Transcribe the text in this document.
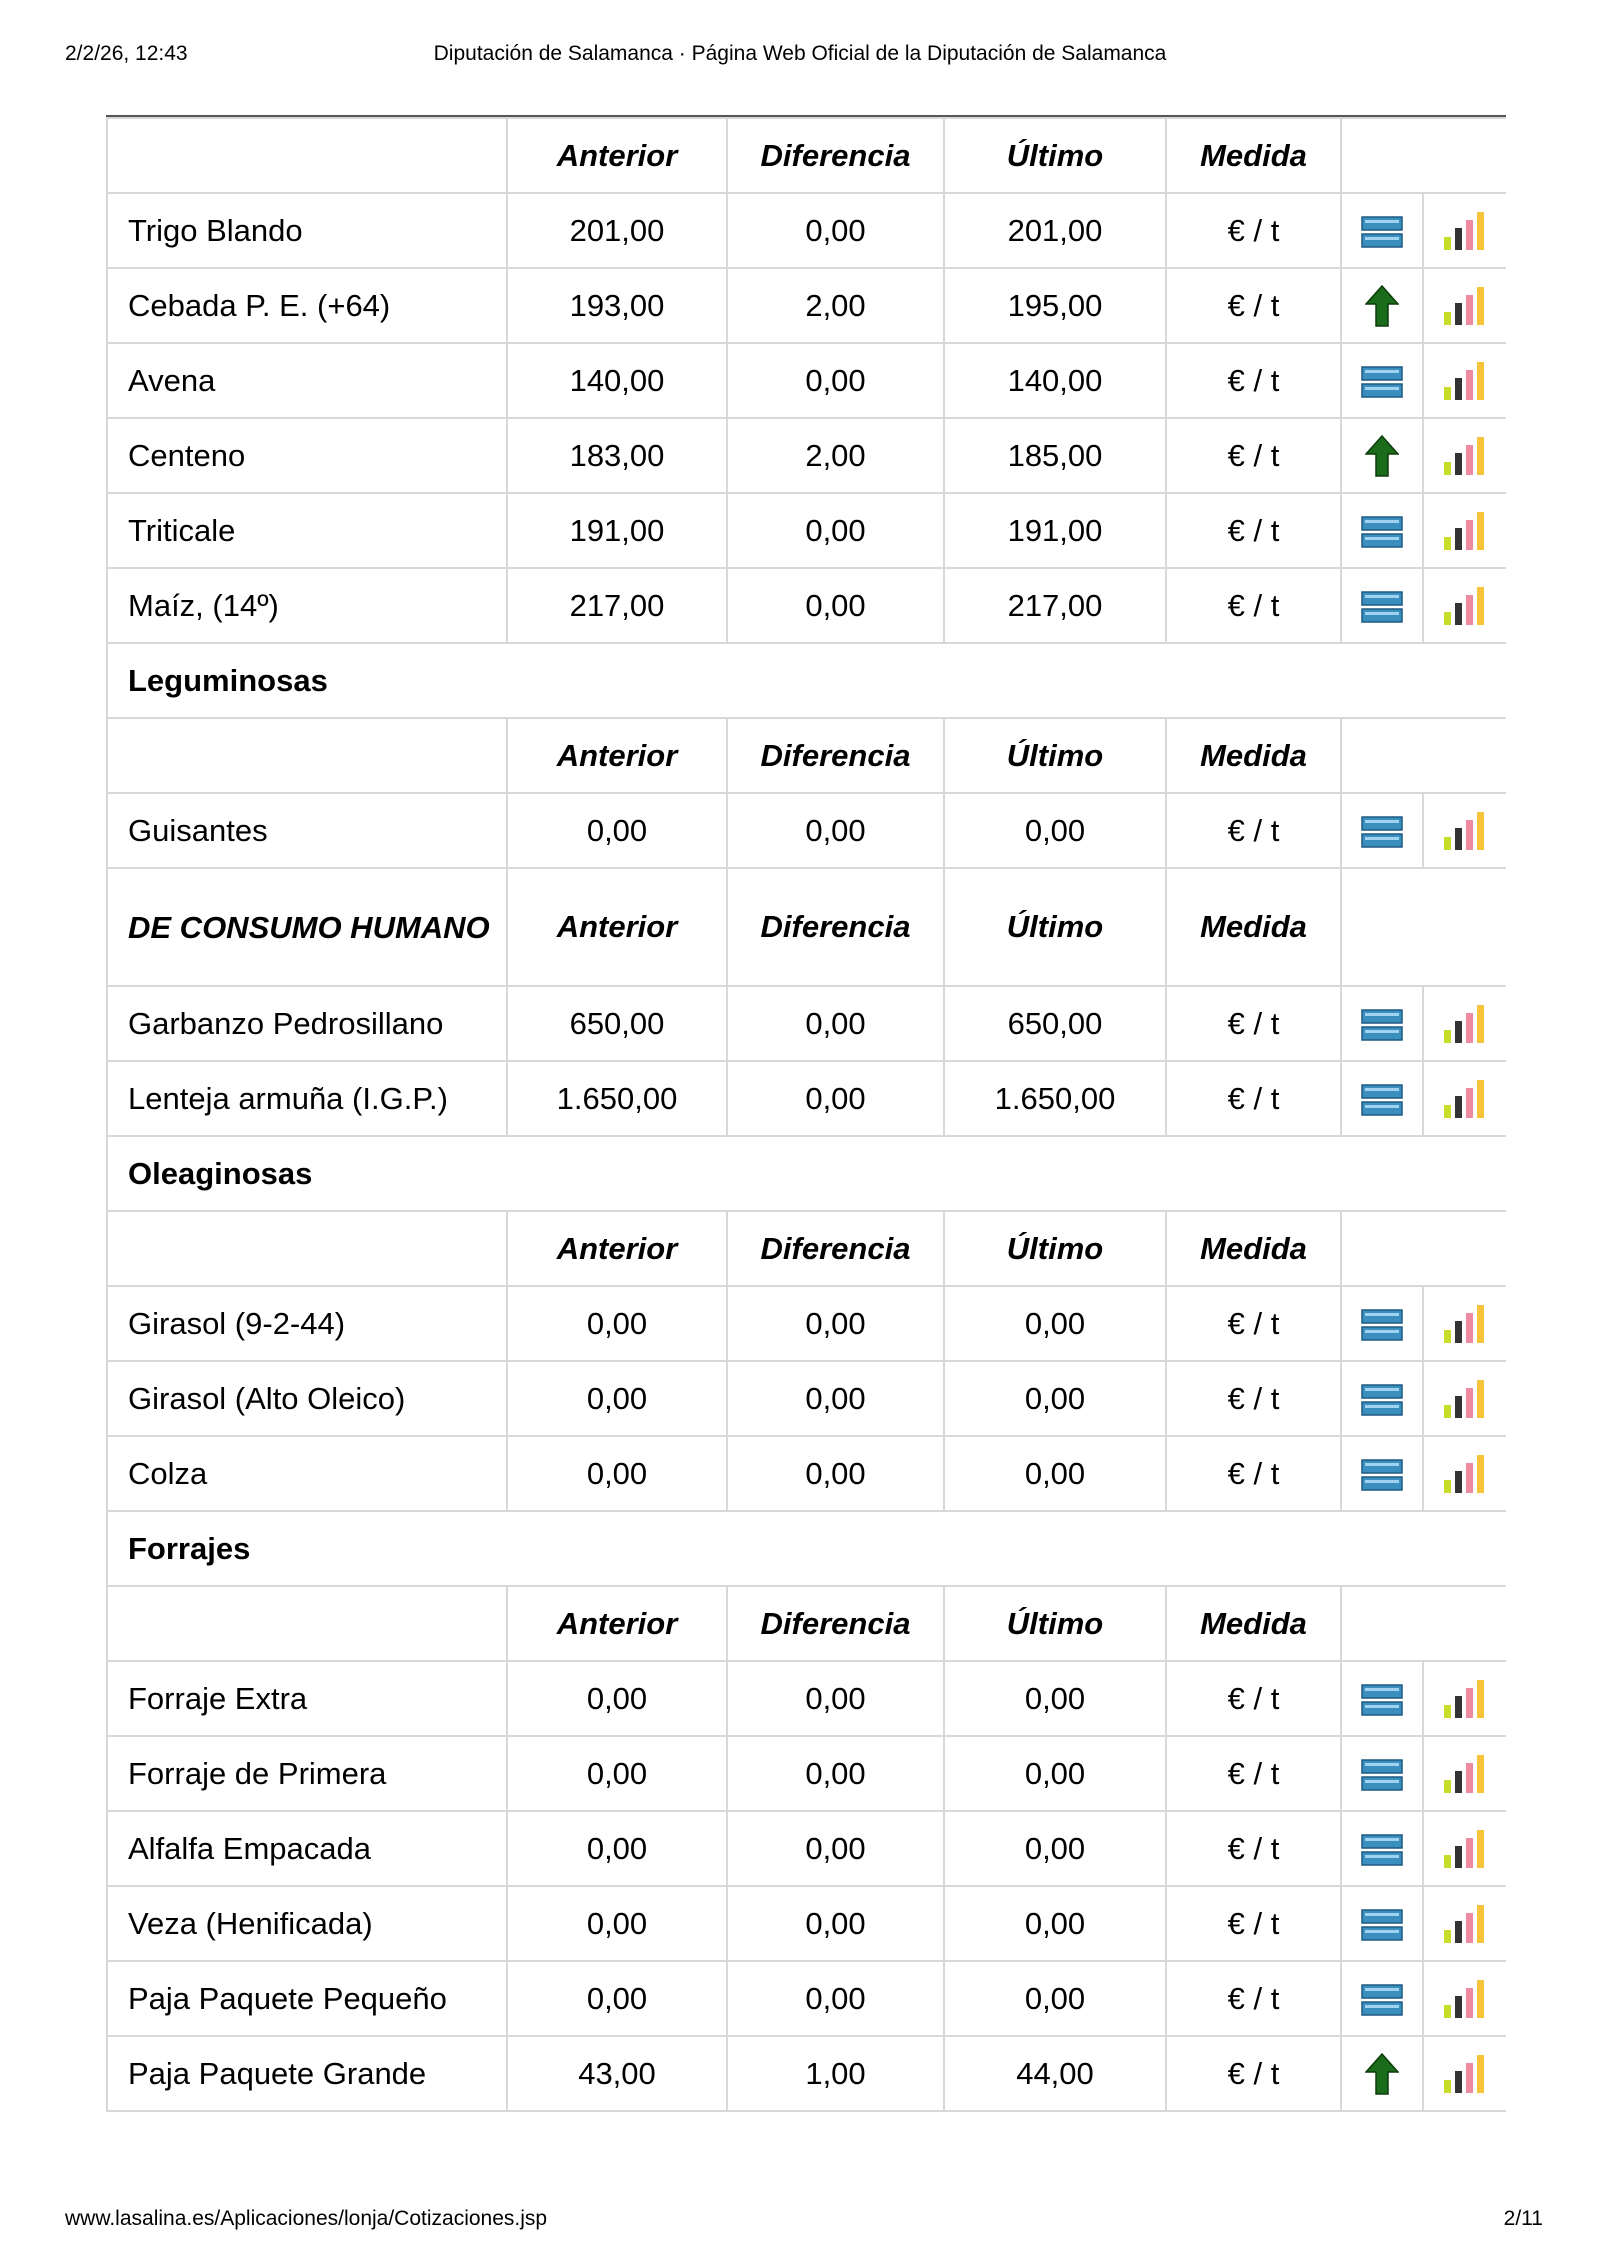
2/2/26, 12:43	Diputación de Salamanca · Página Web Oficial de la Diputación de Salamanca
	Anterior	Diferencia	Último	Medida		
Trigo Blando	201,00	0,00	201,00	€ / t		
Cebada P. E. (+64)	193,00	2,00	195,00	€ / t		
Avena	140,00	0,00	140,00	€ / t		
Centeno	183,00	2,00	185,00	€ / t		
Triticale	191,00	0,00	191,00	€ / t		
Maíz, (14º)	217,00	0,00	217,00	€ / t		
Leguminosas						
	Anterior	Diferencia	Último	Medida		
Guisantes	0,00	0,00	0,00	€ / t		
DE CONSUMO HUMANO	Anterior	Diferencia	Último	Medida		
Garbanzo Pedrosillano	650,00	0,00	650,00	€ / t		
Lenteja armuña (I.G.P.)	1.650,00	0,00	1.650,00	€ / t		
Oleaginosas						
	Anterior	Diferencia	Último	Medida		
Girasol (9-2-44)	0,00	0,00	0,00	€ / t		
Girasol (Alto Oleico)	0,00	0,00	0,00	€ / t		
Colza	0,00	0,00	0,00	€ / t		
Forrajes						
	Anterior	Diferencia	Último	Medida		
Forraje Extra	0,00	0,00	0,00	€ / t		
Forraje de Primera	0,00	0,00	0,00	€ / t		
Alfalfa Empacada	0,00	0,00	0,00	€ / t		
Veza (Henificada)	0,00	0,00	0,00	€ / t		
Paja Paquete Pequeño	0,00	0,00	0,00	€ / t		
Paja Paquete Grande	43,00	1,00	44,00	€ / t		
www.lasalina.es/Aplicaciones/lonja/Cotizaciones.jsp	2/11
